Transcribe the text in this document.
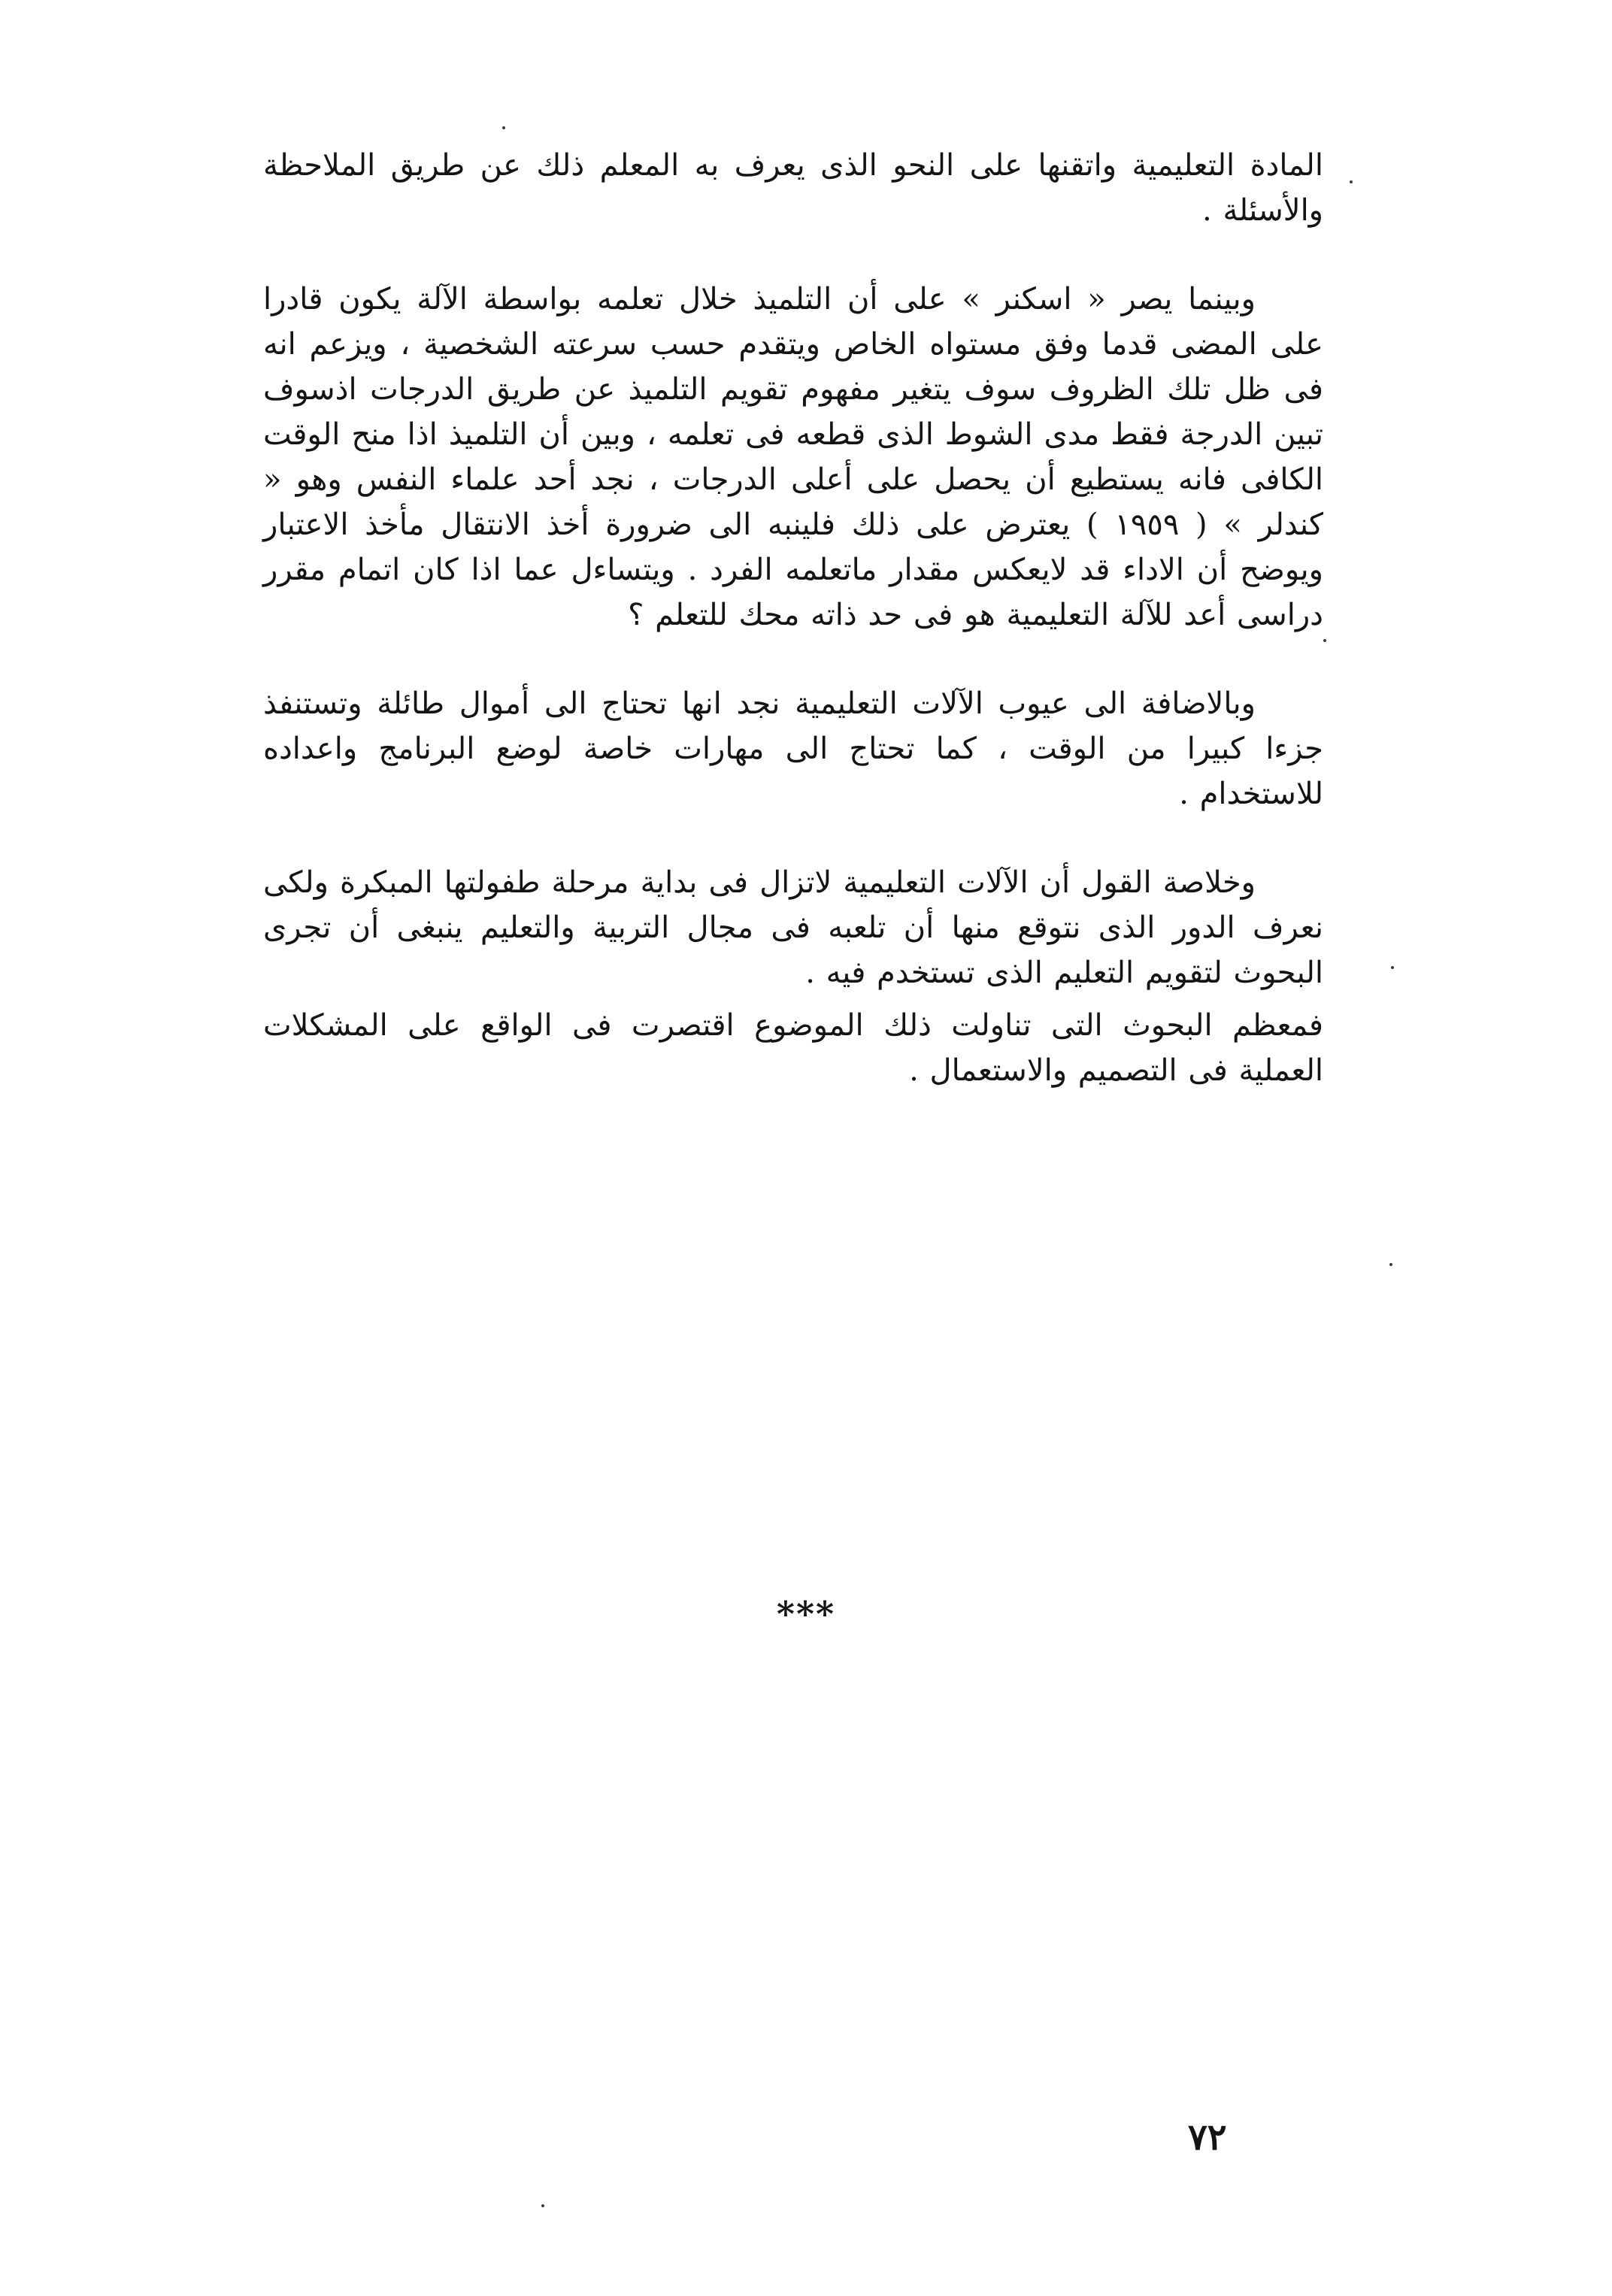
المادة التعليمية واتقنها على النحو الذى يعرف به المعلم ذلك عن طريق الملاحظة والأسئلة .

وبينما يصر « اسكنر » على أن التلميذ خلال تعلمه بواسطة الآلة يكون قادرا على المضى قدما وفق مستواه الخاص ويتقدم حسب سرعته الشخصية ، ويزعم انه فى ظل تلك الظروف سوف يتغير مفهوم تقويم التلميذ عن طريق الدرجات اذسوف تبين الدرجة فقط مدى الشوط الذى قطعه فى تعلمه ، وبين أن التلميذ اذا منح الوقت الكافى فانه يستطيع أن يحصل على أعلى الدرجات ، نجد أحد علماء النفس وهو « كندلر » ( ١٩٥٩ ) يعترض على ذلك فلينبه الى ضرورة أخذ الانتقال مأخذ الاعتبار ويوضح أن الاداء قد لايعكس مقدار ماتعلمه الفرد . ويتساءل عما اذا كان اتمام مقرر دراسى أعد للآلة التعليمية هو فى حد ذاته محك للتعلم ؟

وبالاضافة الى عيوب الآلات التعليمية نجد انها تحتاج الى أموال طائلة وتستنفذ جزءا كبيرا من الوقت ، كما تحتاج الى مهارات خاصة لوضع البرنامج واعداده للاستخدام .

وخلاصة القول أن الآلات التعليمية لاتزال فى بداية مرحلة طفولتها المبكرة ولكى نعرف الدور الذى نتوقع منها أن تلعبه فى مجال التربية والتعليم ينبغى أن تجرى البحوث لتقويم التعليم الذى تستخدم فيه .

فمعظم البحوث التى تناولت ذلك الموضوع اقتصرت فى الواقع على المشكلات العملية فى التصميم والاستعمال .

***
٧٢
